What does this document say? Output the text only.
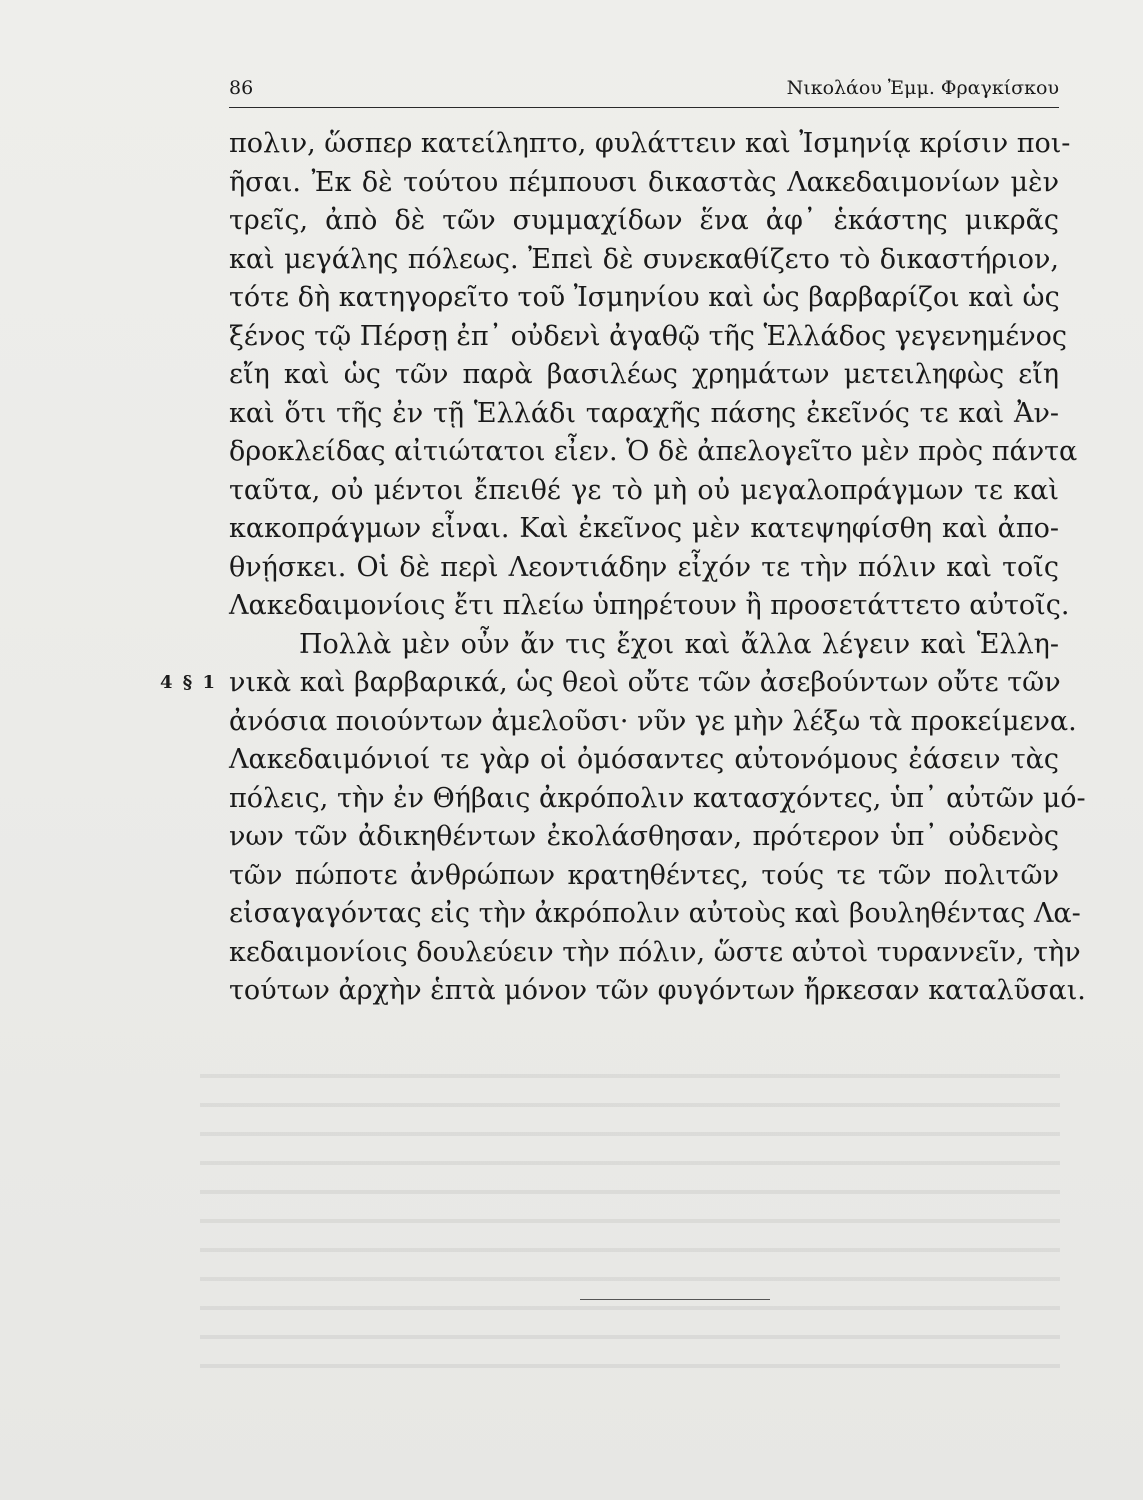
86	Νικολάου Ἐμμ. Φραγκίσκου
4 § 1
πολιν, ὥσπερ κατείληπτο, φυλάττειν καὶ Ἰσμηνίᾳ κρίσιν ποι-
ῆσαι. Ἐκ δὲ τούτου πέμπουσι δικαστὰς Λακεδαιμονίων μὲν
τρεῖς, ἀπὸ δὲ τῶν συμμαχίδων ἕνα ἀφ᾿ ἑκάστης μικρᾶς
καὶ μεγάλης πόλεως. Ἐπεὶ δὲ συνεκαθίζετο τὸ δικαστήριον,
τότε δὴ κατηγορεῖτο τοῦ Ἰσμηνίου καὶ ὡς βαρβαρίζοι καὶ ὡς
ξένος τῷ Πέρσῃ ἐπ᾿ οὐδενὶ ἀγαθῷ τῆς Ἑλλάδος γεγενημένος
εἴη καὶ ὡς τῶν παρὰ βασιλέως χρημάτων μετειληφὼς εἴη
καὶ ὅτι τῆς ἐν τῇ Ἑλλάδι ταραχῆς πάσης ἐκεῖνός τε καὶ Ἀν-
δροκλείδας αἰτιώτατοι εἶεν. Ὁ δὲ ἀπελογεῖτο μὲν πρὸς πάντα
ταῦτα, οὐ μέντοι ἔπειθέ γε τὸ μὴ οὐ μεγαλοπράγμων τε καὶ
κακοπράγμων εἶναι. Καὶ ἐκεῖνος μὲν κατεψηφίσθη καὶ ἀπο-
θνῄσκει. Οἱ δὲ περὶ Λεοντιάδην εἶχόν τε τὴν πόλιν καὶ τοῖς
Λακεδαιμονίοις ἔτι πλείω ὑπηρέτουν ἢ προσετάττετο αὐτοῖς.
Πολλὰ μὲν οὖν ἄν τις ἔχοι καὶ ἄλλα λέγειν καὶ Ἑλλη-
νικὰ καὶ βαρβαρικά, ὡς θεοὶ οὔτε τῶν ἀσεβούντων οὔτε τῶν
ἀνόσια ποιούντων ἀμελοῦσι· νῦν γε μὴν λέξω τὰ προκείμενα.
Λακεδαιμόνιοί τε γὰρ οἱ ὀμόσαντες αὐτονόμους ἐάσειν τὰς
πόλεις, τὴν ἐν Θήβαις ἀκρόπολιν κατασχόντες, ὑπ᾿ αὐτῶν μό-
νων τῶν ἀδικηθέντων ἐκολάσθησαν, πρότερον ὑπ᾿ οὐδενὸς
τῶν πώποτε ἀνθρώπων κρατηθέντες, τούς τε τῶν πολιτῶν
εἰσαγαγόντας εἰς τὴν ἀκρόπολιν αὐτοὺς καὶ βουληθέντας Λα-
κεδαιμονίοις δουλεύειν τὴν πόλιν, ὥστε αὐτοὶ τυραννεῖν, τὴν
τούτων ἀρχὴν ἑπτὰ μόνον τῶν φυγόντων ἤρκεσαν καταλῦσαι.
